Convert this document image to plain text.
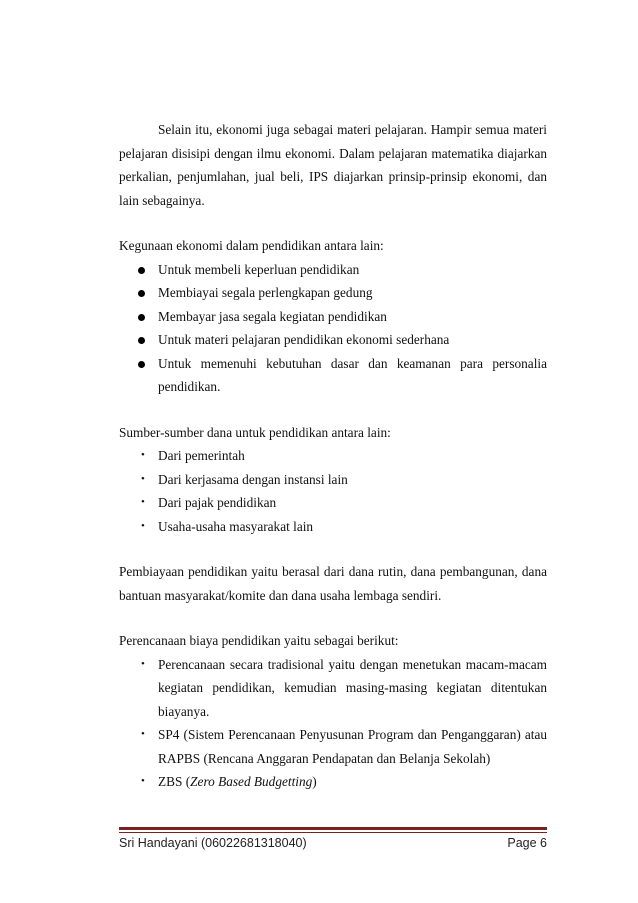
Selain itu, ekonomi juga sebagai materi pelajaran. Hampir semua materi pelajaran disisipi dengan ilmu ekonomi. Dalam pelajaran matematika diajarkan perkalian, penjumlahan, jual beli, IPS diajarkan prinsip-prinsip ekonomi, dan lain sebagainya.

Kegunaan ekonomi dalam pendidikan antara lain:

Untuk membeli keperluan pendidikan
Membiayai segala perlengkapan gedung
Membayar jasa segala kegiatan pendidikan
Untuk materi pelajaran pendidikan ekonomi sederhana
Untuk memenuhi kebutuhan dasar dan keamanan para personalia pendidikan.

Sumber-sumber dana untuk pendidikan antara lain:

• Dari pemerintah
• Dari kerjasama dengan instansi lain
• Dari pajak pendidikan
• Usaha-usaha masyarakat lain

Pembiayaan pendidikan yaitu berasal dari dana rutin, dana pembangunan, dana bantuan masyarakat/komite dan dana usaha lembaga sendiri.

Perencanaan biaya pendidikan yaitu sebagai berikut:

• Perencanaan secara tradisional yaitu dengan menetukan macam-macam kegiatan pendidikan, kemudian masing-masing kegiatan ditentukan biayanya.
• SP4 (Sistem Perencanaan Penyusunan Program dan Penganggaran) atau RAPBS (Rencana Anggaran Pendapatan dan Belanja Sekolah)
• ZBS (Zero Based Budgetting)
Sri Handayani (06022681318040)	Page 6
